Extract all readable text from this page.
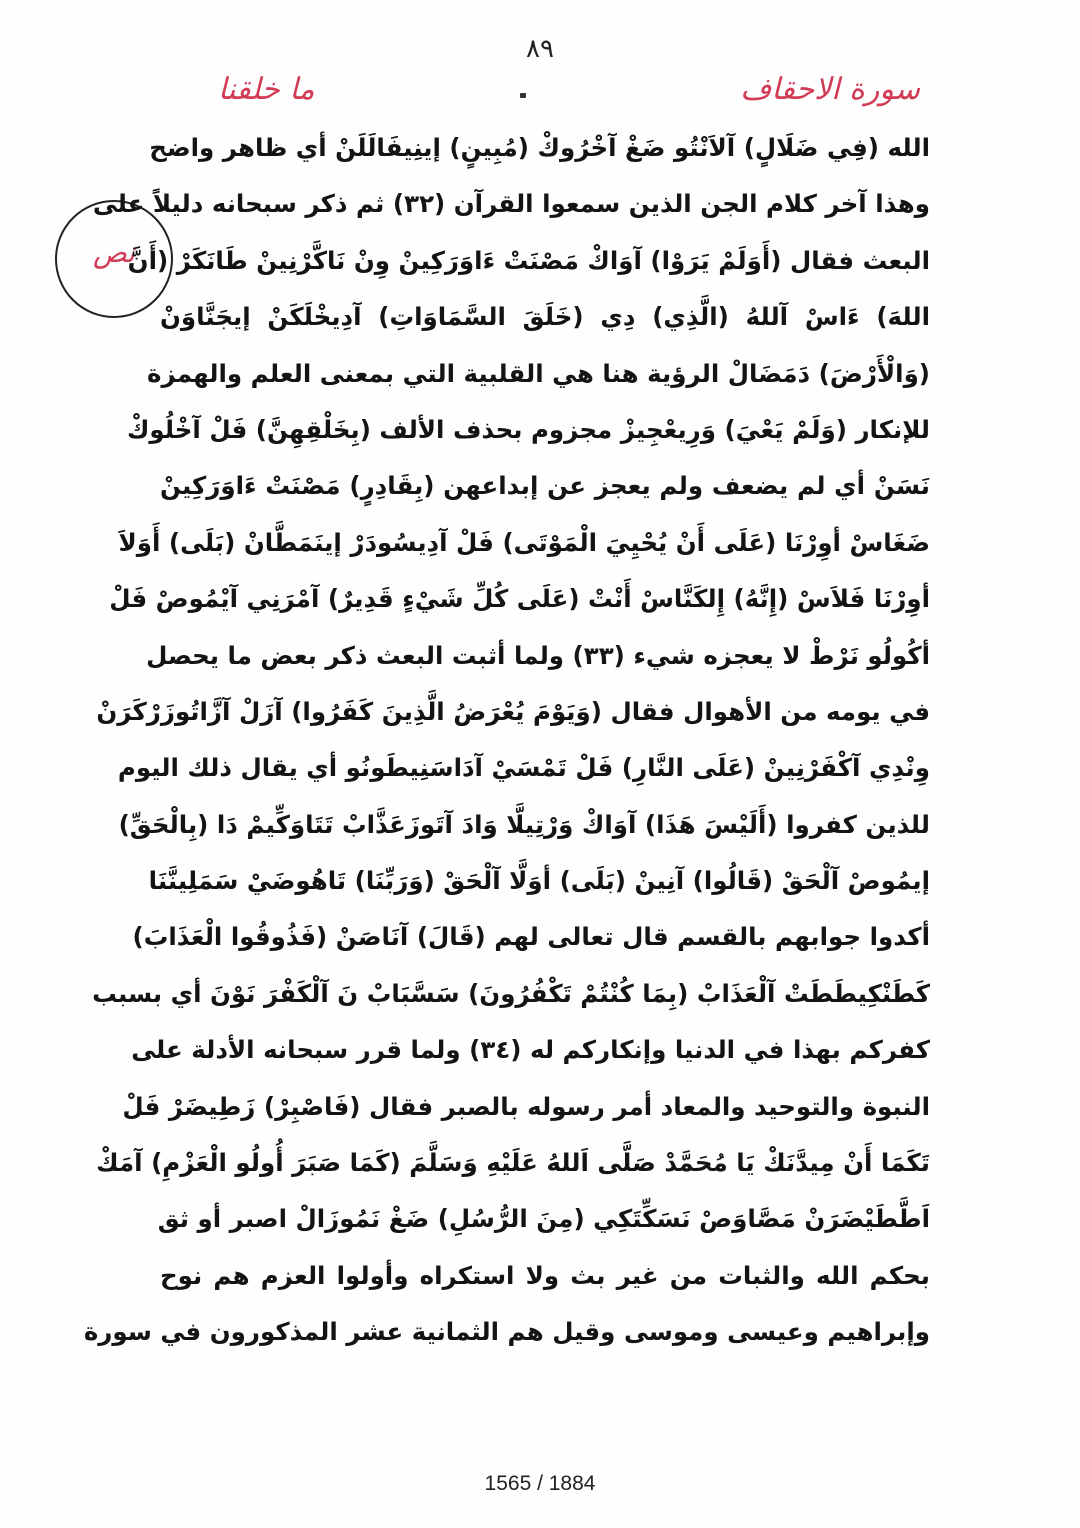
٨٩
ما خلقنا	سورة الاحقاف
نص
الله (فِي ضَلَالٍ) آلاَنْتُو ضَغْ آخْرُوكْ (مُبِينٍ) إينِيفَالَلَنْ أي ظاهر واضح
وهذا آخر كلام الجن الذين سمعوا القرآن (٣٢) ثم ذكر سبحانه دليلاً على
البعث فقال (أَوَلَمْ يَرَوْا) آوَاكْ مَصْنَتْ ءَاوَرَكِينْ وِنْ نَاكَّرْنِينْ طَانَكَرْ (أَنَّ
اللهَ) ءَاسْ آللهُ (الَّذِي) دِي (خَلَقَ السَّمَاوَاتِ) آدِيخْلَكَنْ إيجَنَّاوَنْ
(وَالْأَرْضَ) دَمَضَالْ الرؤية هنا هي القلبية التي بمعنى العلم والهمزة
للإنكار (وَلَمْ يَعْيَ) وَرِيعْجِيزْ مجزوم بحذف الألف (بِخَلْقِهِنَّ) فَلْ آخْلُوكْ
نَسَنْ أي لم يضعف ولم يعجز عن إبداعهن (بِقَادِرٍ) مَصْنَتْ ءَاوَرَكِينْ
ضَغَاسْ أوِرْنَا (عَلَى أَنْ يُحْيِيَ الْمَوْتَى) فَلْ آدِيسُودَرْ إينَمَطَّانْ (بَلَى) أَوَلاَ
أوِرْنَا فَلاَسْ (إِنَّهُ) إِلكَنَّاسْ أَنْتْ (عَلَى كُلِّ شَيْءٍ قَدِيرٌ) آمْرَنِي آيْمُوصْ فَلْ
أكُولُو نَرْطْ لا يعجزه شيء (٣٣) ولما أثبت البعث ذكر بعض ما يحصل
في يومه من الأهوال فقال (وَيَوْمَ يُعْرَضُ الَّذِينَ كَفَرُوا) آزَلْ آزَّاتُوزَرْكَرَنْ
وِنْدِي آكْفَرْنِينْ (عَلَى النَّارِ) فَلْ تَمْسَيْ آدَاسَنِيطَونُو أي يقال ذلك اليوم
للذين كفروا (أَلَيْسَ هَذَا) آوَاكْ وَرْتِيلَّا وَادَ آتَوزَعَذَّابْ تَتَاوَكِّيمْ دَا (بِالْحَقِّ)
إيمُوصْ آلْحَقْ (قَالُوا) آنِينْ (بَلَى) أوَلَّا آلْحَقْ (وَرَبِّنَا) تَاهُوضَيْ سَمَلِينَّنَا
أكدوا جوابهم بالقسم قال تعالى لهم (قَالَ) آنَاصَنْ (فَذُوقُوا الْعَذَابَ)
كَطَنْكِيطَطَتْ آلْعَذَابْ (بِمَا كُنْتُمْ تَكْفُرُونَ) سَسَّبَابْ نَ آلْكَفْرَ نَوْنَ أي بسبب
كفركم بهذا في الدنيا وإنكاركم له (٣٤) ولما قرر سبحانه الأدلة على
النبوة والتوحيد والمعاد أمر رسوله بالصبر فقال (فَاصْبِرْ) زَطِيضَرْ فَلْ
تَكَمَا أَنْ مِيدَّنَكْ يَا مُحَمَّدْ صَلَّى اَللهُ عَلَيْهِ وَسَلَّمَ (كَمَا صَبَرَ أُولُو الْعَزْمِ) آمَكْ
اَطَّطَيْضَرَنْ مَصَّاوَصْ نَسَكِّتَكِي (مِنَ الرُّسُلِ) ضَغْ نَمُوزَالْ اصبر أو ثق
بحكم الله والثبات من غير بث ولا استكراه وأولوا العزم هم نوح
وإبراهيم وعيسى وموسى وقيل هم الثمانية عشر المذكورون في سورة
1565 / 1884
